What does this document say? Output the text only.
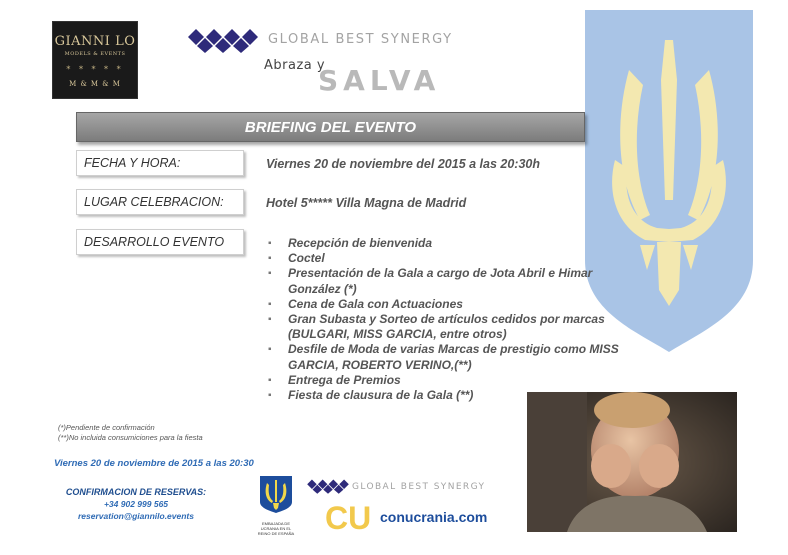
GIANNI LO
MODELS & EVENTS
* * * * *
M & M & M
GLOBAL BEST SYNERGY
Abraza y
SALVA
BRIEFING DEL EVENTO
FECHA Y HORA:	Viernes 20 de noviembre del 2015 a las 20:30h
LUGAR CELEBRACION:	Hotel 5***** Villa Magna de Madrid
DESARROLLO EVENTO
▪	Recepción de bienvenida
▪ Coctel
▪ Presentación de la Gala a cargo de Jota Abril e Himar González (*)
▪ Cena de Gala con Actuaciones
▪ Gran Subasta y Sorteo de artículos cedidos por marcas (BULGARI, MISS GARCIA, entre otros)
▪ Desfile de Moda de varias Marcas de prestigio como MISS GARCIA, ROBERTO VERINO,(**)
▪ Entrega de Premios
▪ Fiesta de clausura de la Gala (**)
(*)Pendiente de confirmación
(**)No incluida consumiciones para la fiesta
Viernes 20 de noviembre de 2015 a las 20:30
CONFIRMACION DE RESERVAS:
+34 902 999 565
reservation@giannilo.events
EMBAJADA DE UCRANIA EN EL REINO DE ESPAÑA
GLOBAL BEST SYNERGY
CU conucrania.com
